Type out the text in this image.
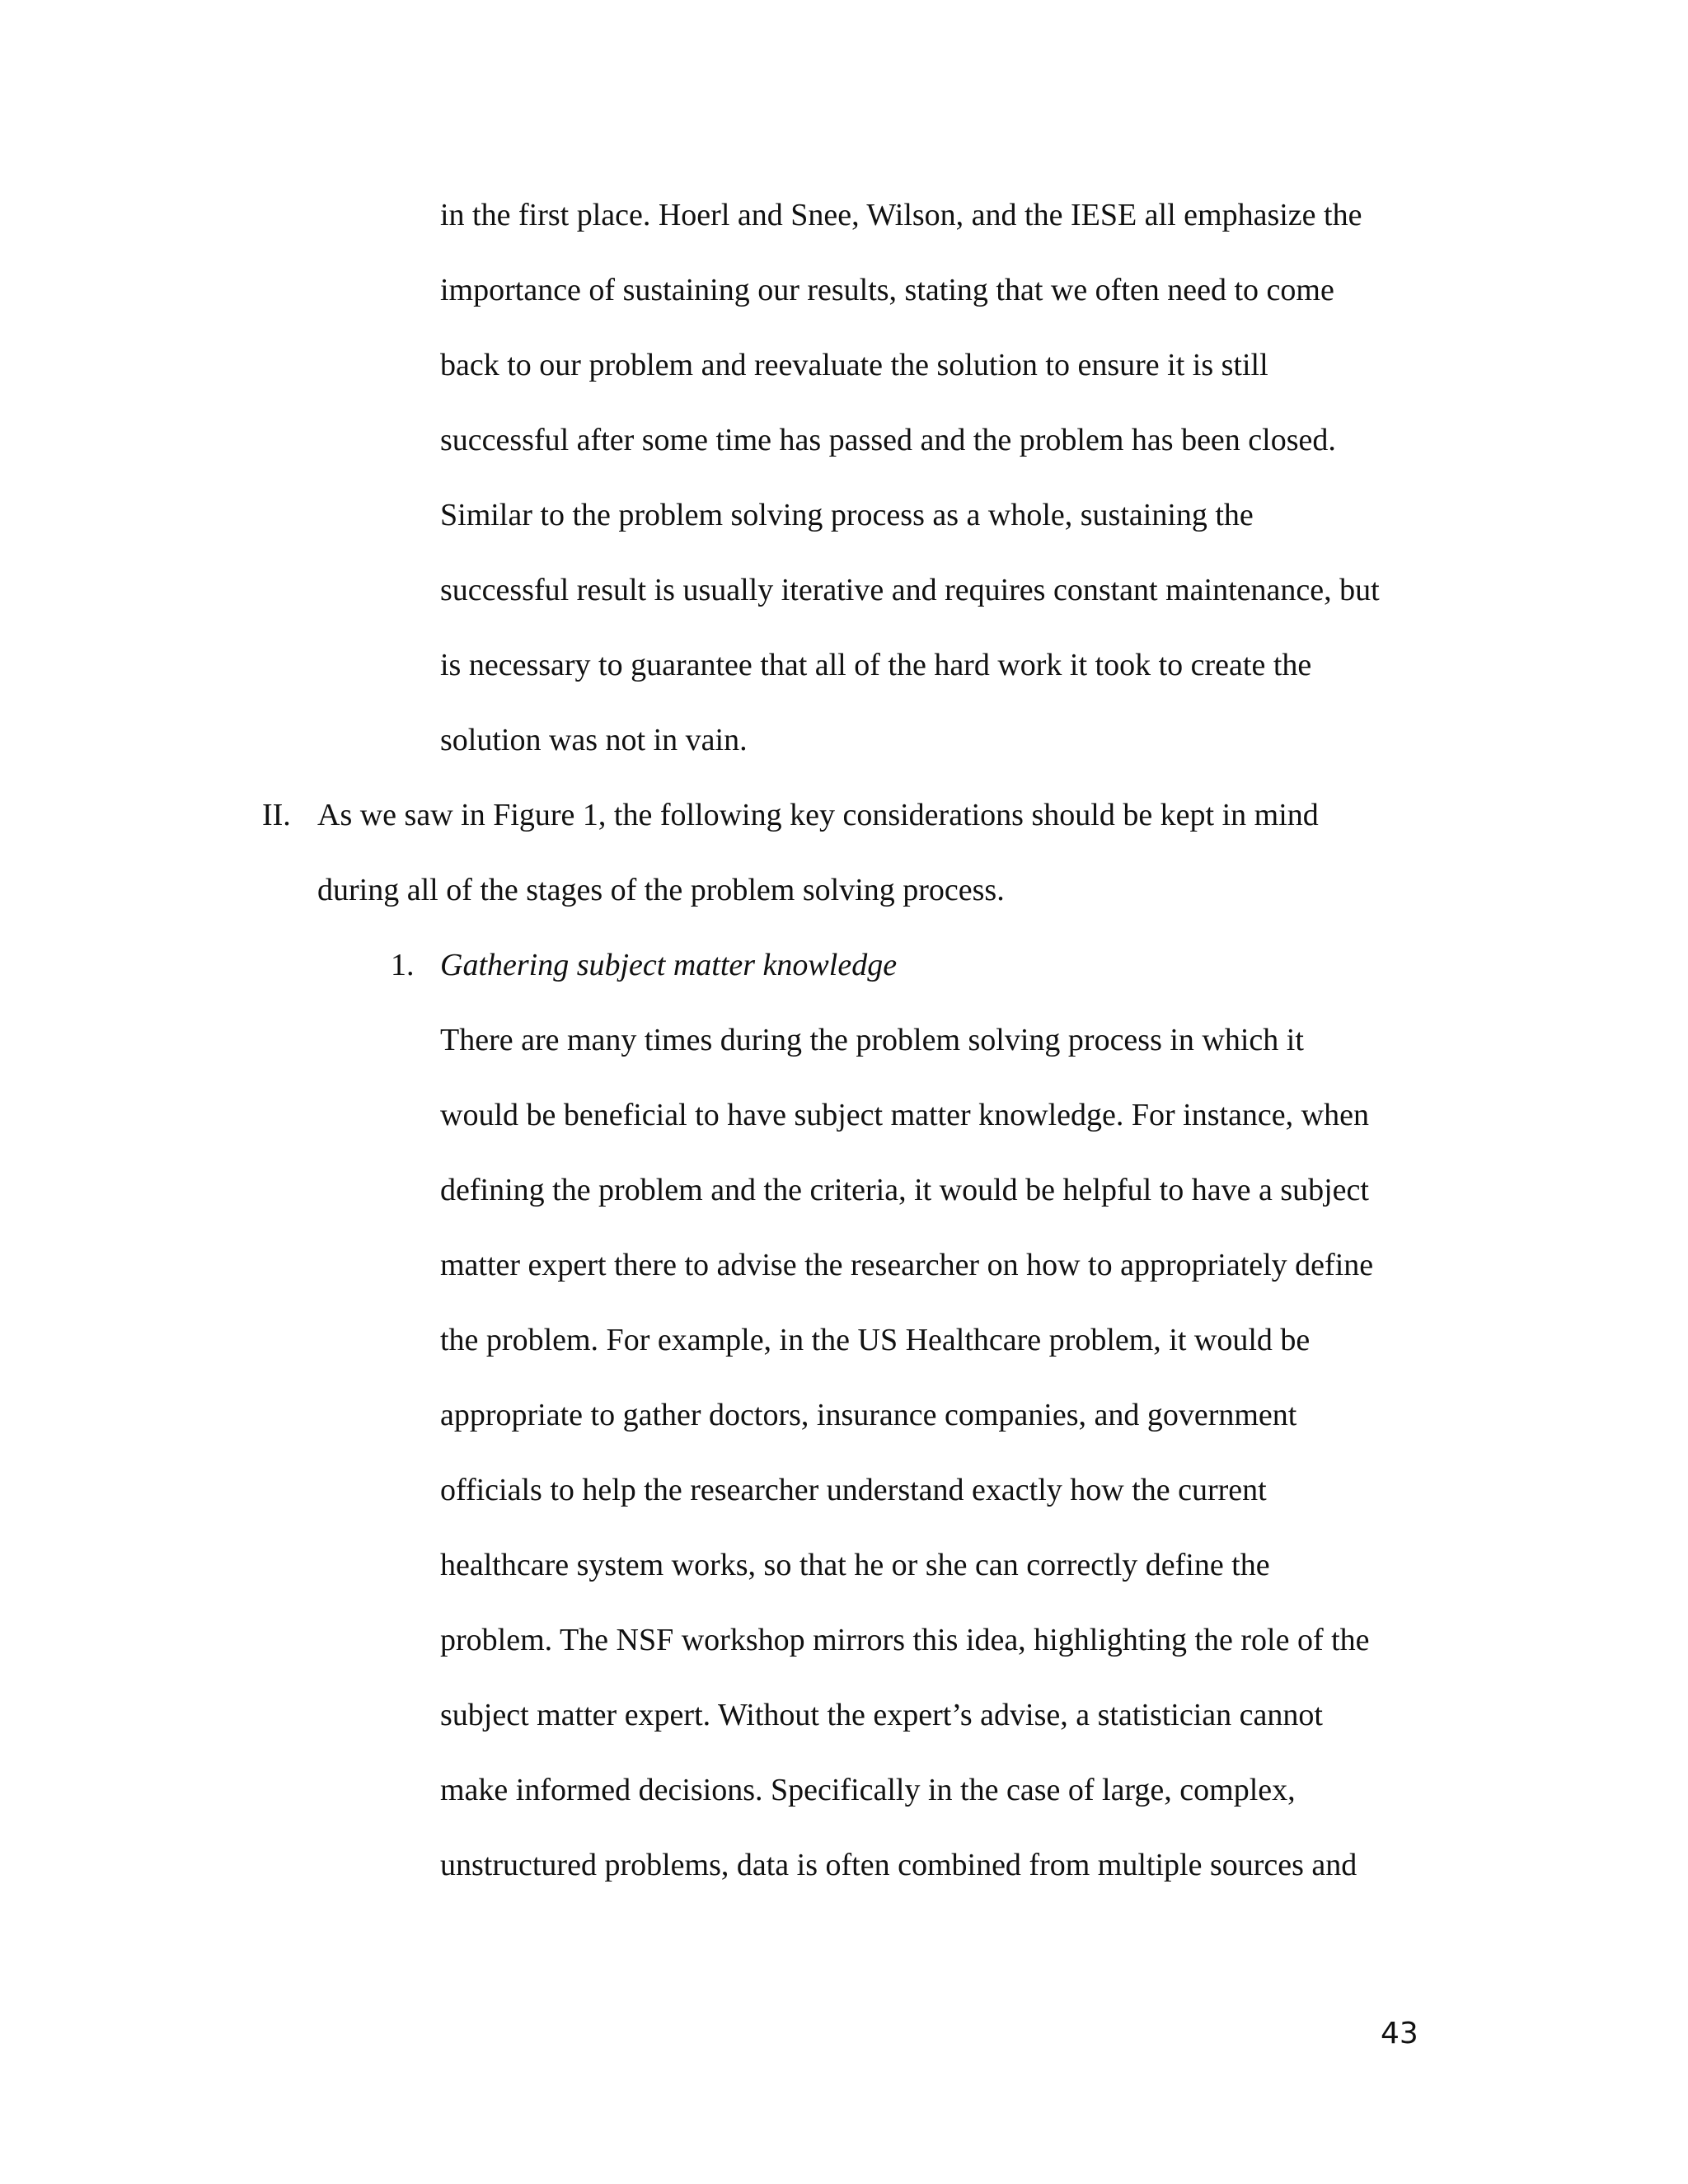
in the first place. Hoerl and Snee, Wilson, and the IESE all emphasize the
importance of sustaining our results, stating that we often need to come
back to our problem and reevaluate the solution to ensure it is still
successful after some time has passed and the problem has been closed.
Similar to the problem solving process as a whole, sustaining the
successful result is usually iterative and requires constant maintenance, but
is necessary to guarantee that all of the hard work it took to create the
solution was not in vain.
II. As we saw in Figure 1, the following key considerations should be kept in mind
during all of the stages of the problem solving process.
1. Gathering subject matter knowledge
There are many times during the problem solving process in which it
would be beneficial to have subject matter knowledge. For instance, when
defining the problem and the criteria, it would be helpful to have a subject
matter expert there to advise the researcher on how to appropriately define
the problem. For example, in the US Healthcare problem, it would be
appropriate to gather doctors, insurance companies, and government
officials to help the researcher understand exactly how the current
healthcare system works, so that he or she can correctly define the
problem. The NSF workshop mirrors this idea, highlighting the role of the
subject matter expert. Without the expert’s advise, a statistician cannot
make informed decisions. Specifically in the case of large, complex,
unstructured problems, data is often combined from multiple sources and
43
